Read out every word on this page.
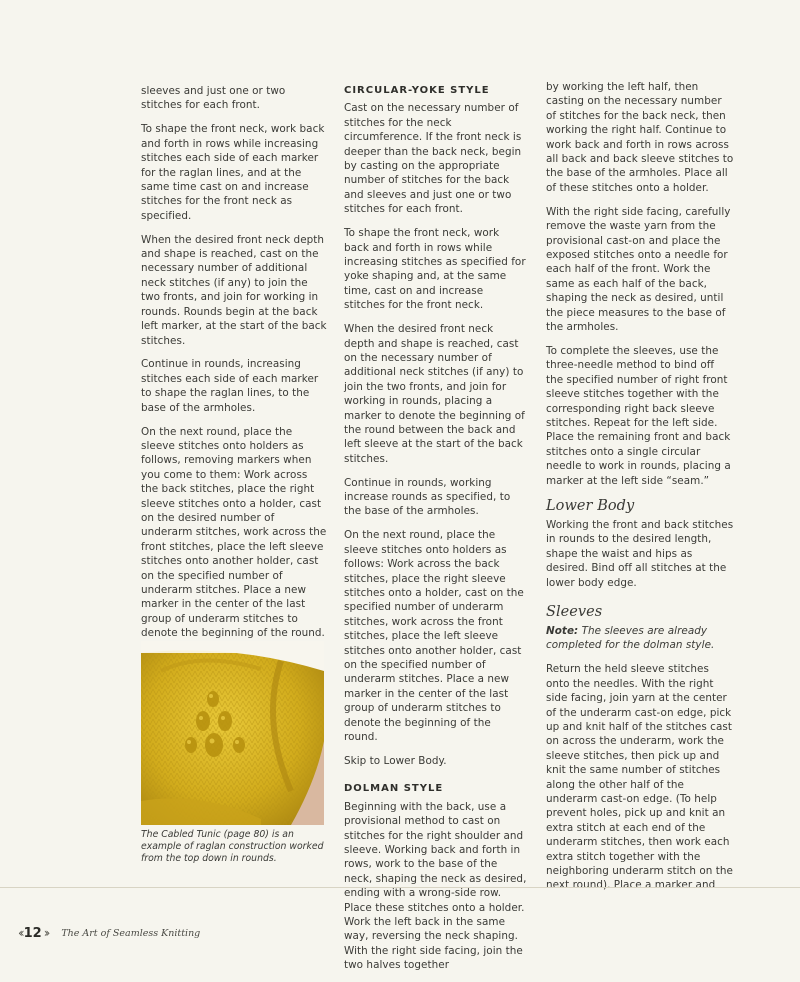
sleeves and just one or two stitches for each front.

To shape the front neck, work back and forth in rows while increasing stitches each side of each marker for the raglan lines, and at the same time cast on and increase stitches for the front neck as specified.

When the desired front neck depth and shape is reached, cast on the necessary number of additional neck stitches (if any) to join the two fronts, and join for working in rounds. Rounds begin at the back left marker, at the start of the back stitches.

Continue in rounds, increasing stitches each side of each marker to shape the raglan lines, to the base of the armholes.

On the next round, place the sleeve stitches onto holders as follows, removing markers when you come to them: Work across the back stitches, place the right sleeve stitches onto a holder, cast on the desired number of underarm stitches, work across the front stitches, place the left sleeve stitches onto another holder, cast on the specified number of underarm stitches. Place a new marker in the center of the last group of underarm stitches to denote the beginning of the round.

The Cabled Tunic (page 80) is an example of raglan construction worked from the top down in rounds.
CIRCULAR-YOKE STYLE

Cast on the necessary number of stitches for the neck circumference. If the front neck is deeper than the back neck, begin by casting on the appropriate number of stitches for the back and sleeves and just one or two stitches for each front.

To shape the front neck, work back and forth in rows while increasing stitches as specified for yoke shaping and, at the same time, cast on and increase stitches for the front neck.

When the desired front neck depth and shape is reached, cast on the necessary number of additional neck stitches (if any) to join the two fronts, and join for working in rounds, placing a marker to denote the beginning of the round between the back and left sleeve at the start of the back stitches.

Continue in rounds, working increase rounds as specified, to the base of the armholes.

On the next round, place the sleeve stitches onto holders as follows: Work across the back stitches, place the right sleeve stitches onto a holder, cast on the specified number of underarm stitches, work across the front stitches, place the left sleeve stitches onto another holder, cast on the specified number of underarm stitches. Place a new marker in the center of the last group of underarm stitches to denote the beginning of the round.

Skip to Lower Body.

DOLMAN STYLE

Beginning with the back, use a provisional method to cast on stitches for the right shoulder and sleeve. Working back and forth in rows, work to the base of the neck, shaping the neck as desired, ending with a wrong-side row. Place these stitches onto a holder. Work the left back in the same way, reversing the neck shaping. With the right side facing, join the two halves together

by working the left half, then casting on the necessary number of stitches for the back neck, then working the right half. Continue to work back and forth in rows across all back and back sleeve stitches to the base of the armholes. Place all of these stitches onto a holder.

With the right side facing, carefully remove the waste yarn from the provisional cast-on and place the exposed stitches onto a needle for each half of the front. Work the same as each half of the back, shaping the neck as desired, until the piece measures to the base of the armholes.

To complete the sleeves, use the three-needle method to bind off the specified number of right front sleeve stitches together with the corresponding right back sleeve stitches. Repeat for the left side. Place the remaining front and back stitches onto a single circular needle to work in rounds, placing a marker at the left side “seam.”

Lower Body

Working the front and back stitches in rounds to the desired length, shape the waist and hips as desired. Bind off all stitches at the lower body edge.

Sleeves

Note: The sleeves are already completed for the dolman style.

Return the held sleeve stitches onto the needles. With the right side facing, join yarn at the center of the underarm cast-on edge, pick up and knit half of the stitches cast on across the underarm, work the sleeve stitches, then pick up and knit the same number of stitches along the other half of the underarm cast-on edge. (To help prevent holes, pick up and knit an extra stitch at each end of the underarm stitches, then work each extra stitch together with the neighboring underarm stitch on the next round). Place a marker and

‹‹ 12 ›› The Art of Seamless Knitting
